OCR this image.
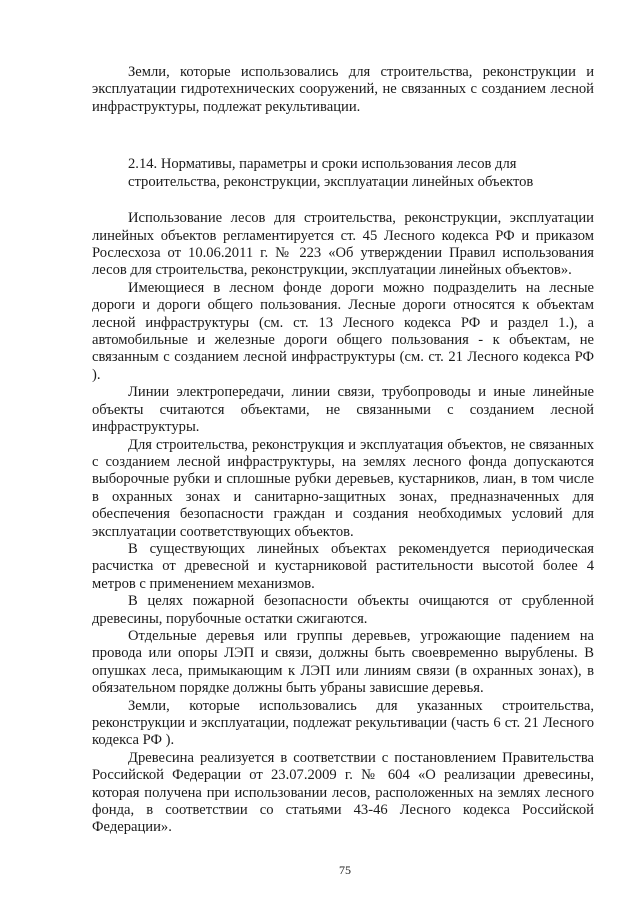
Земли, которые использовались для строительства, реконструкции и эксплуатации гидротехнических сооружений, не связанных с созданием лесной инфраструктуры, подлежат рекультивации.

2.14. Нормативы, параметры и сроки использования лесов для строительства, реконструкции, эксплуатации линейных объектов

Использование лесов для строительства, реконструкции, эксплуатации линейных объектов регламентируется ст. 45 Лесного кодекса РФ и приказом Рослесхоза от 10.06.2011 г. № 223 «Об утверждении Правил использования лесов для строительства, реконструкции, эксплуатации линейных объектов».

Имеющиеся в лесном фонде дороги можно подразделить на лесные дороги и дороги общего пользования. Лесные дороги относятся к объектам лесной инфраструктуры (см. ст. 13 Лесного кодекса РФ и раздел 1.), а автомобильные и железные дороги общего пользования - к объектам, не связанным с созданием лесной инфраструктуры (см. ст. 21 Лесного кодекса РФ ).

Линии электропередачи, линии связи, трубопроводы и иные линейные объекты считаются объектами, не связанными с созданием лесной инфраструктуры.

Для строительства, реконструкция и эксплуатация объектов, не связанных с созданием лесной инфраструктуры, на землях лесного фонда допускаются выборочные рубки и сплошные рубки деревьев, кустарников, лиан, в том числе в охранных зонах и санитарно-защитных зонах, предназначенных для обеспечения безопасности граждан и создания необходимых условий для эксплуатации соответствующих объектов.

В существующих линейных объектах рекомендуется периодическая расчистка от древесной и кустарниковой растительности высотой более 4 метров с применением механизмов.

В целях пожарной безопасности объекты очищаются от срубленной древесины, порубочные остатки сжигаются.

Отдельные деревья или группы деревьев, угрожающие падением на провода или опоры ЛЭП и связи, должны быть своевременно вырублены. В опушках леса, примыкающим к ЛЭП или линиям связи (в охранных зонах), в обязательном порядке должны быть убраны зависшие деревья.

Земли, которые использовались для указанных строительства, реконструкции и эксплуатации, подлежат рекультивации (часть 6 ст. 21 Лесного кодекса РФ ).

Древесина реализуется в соответствии с постановлением Правительства Российской Федерации от 23.07.2009 г. № 604 «О реализации древесины, которая получена при использовании лесов, расположенных на землях лесного фонда, в соответствии со статьями 43-46 Лесного кодекса Российской Федерации».

75
